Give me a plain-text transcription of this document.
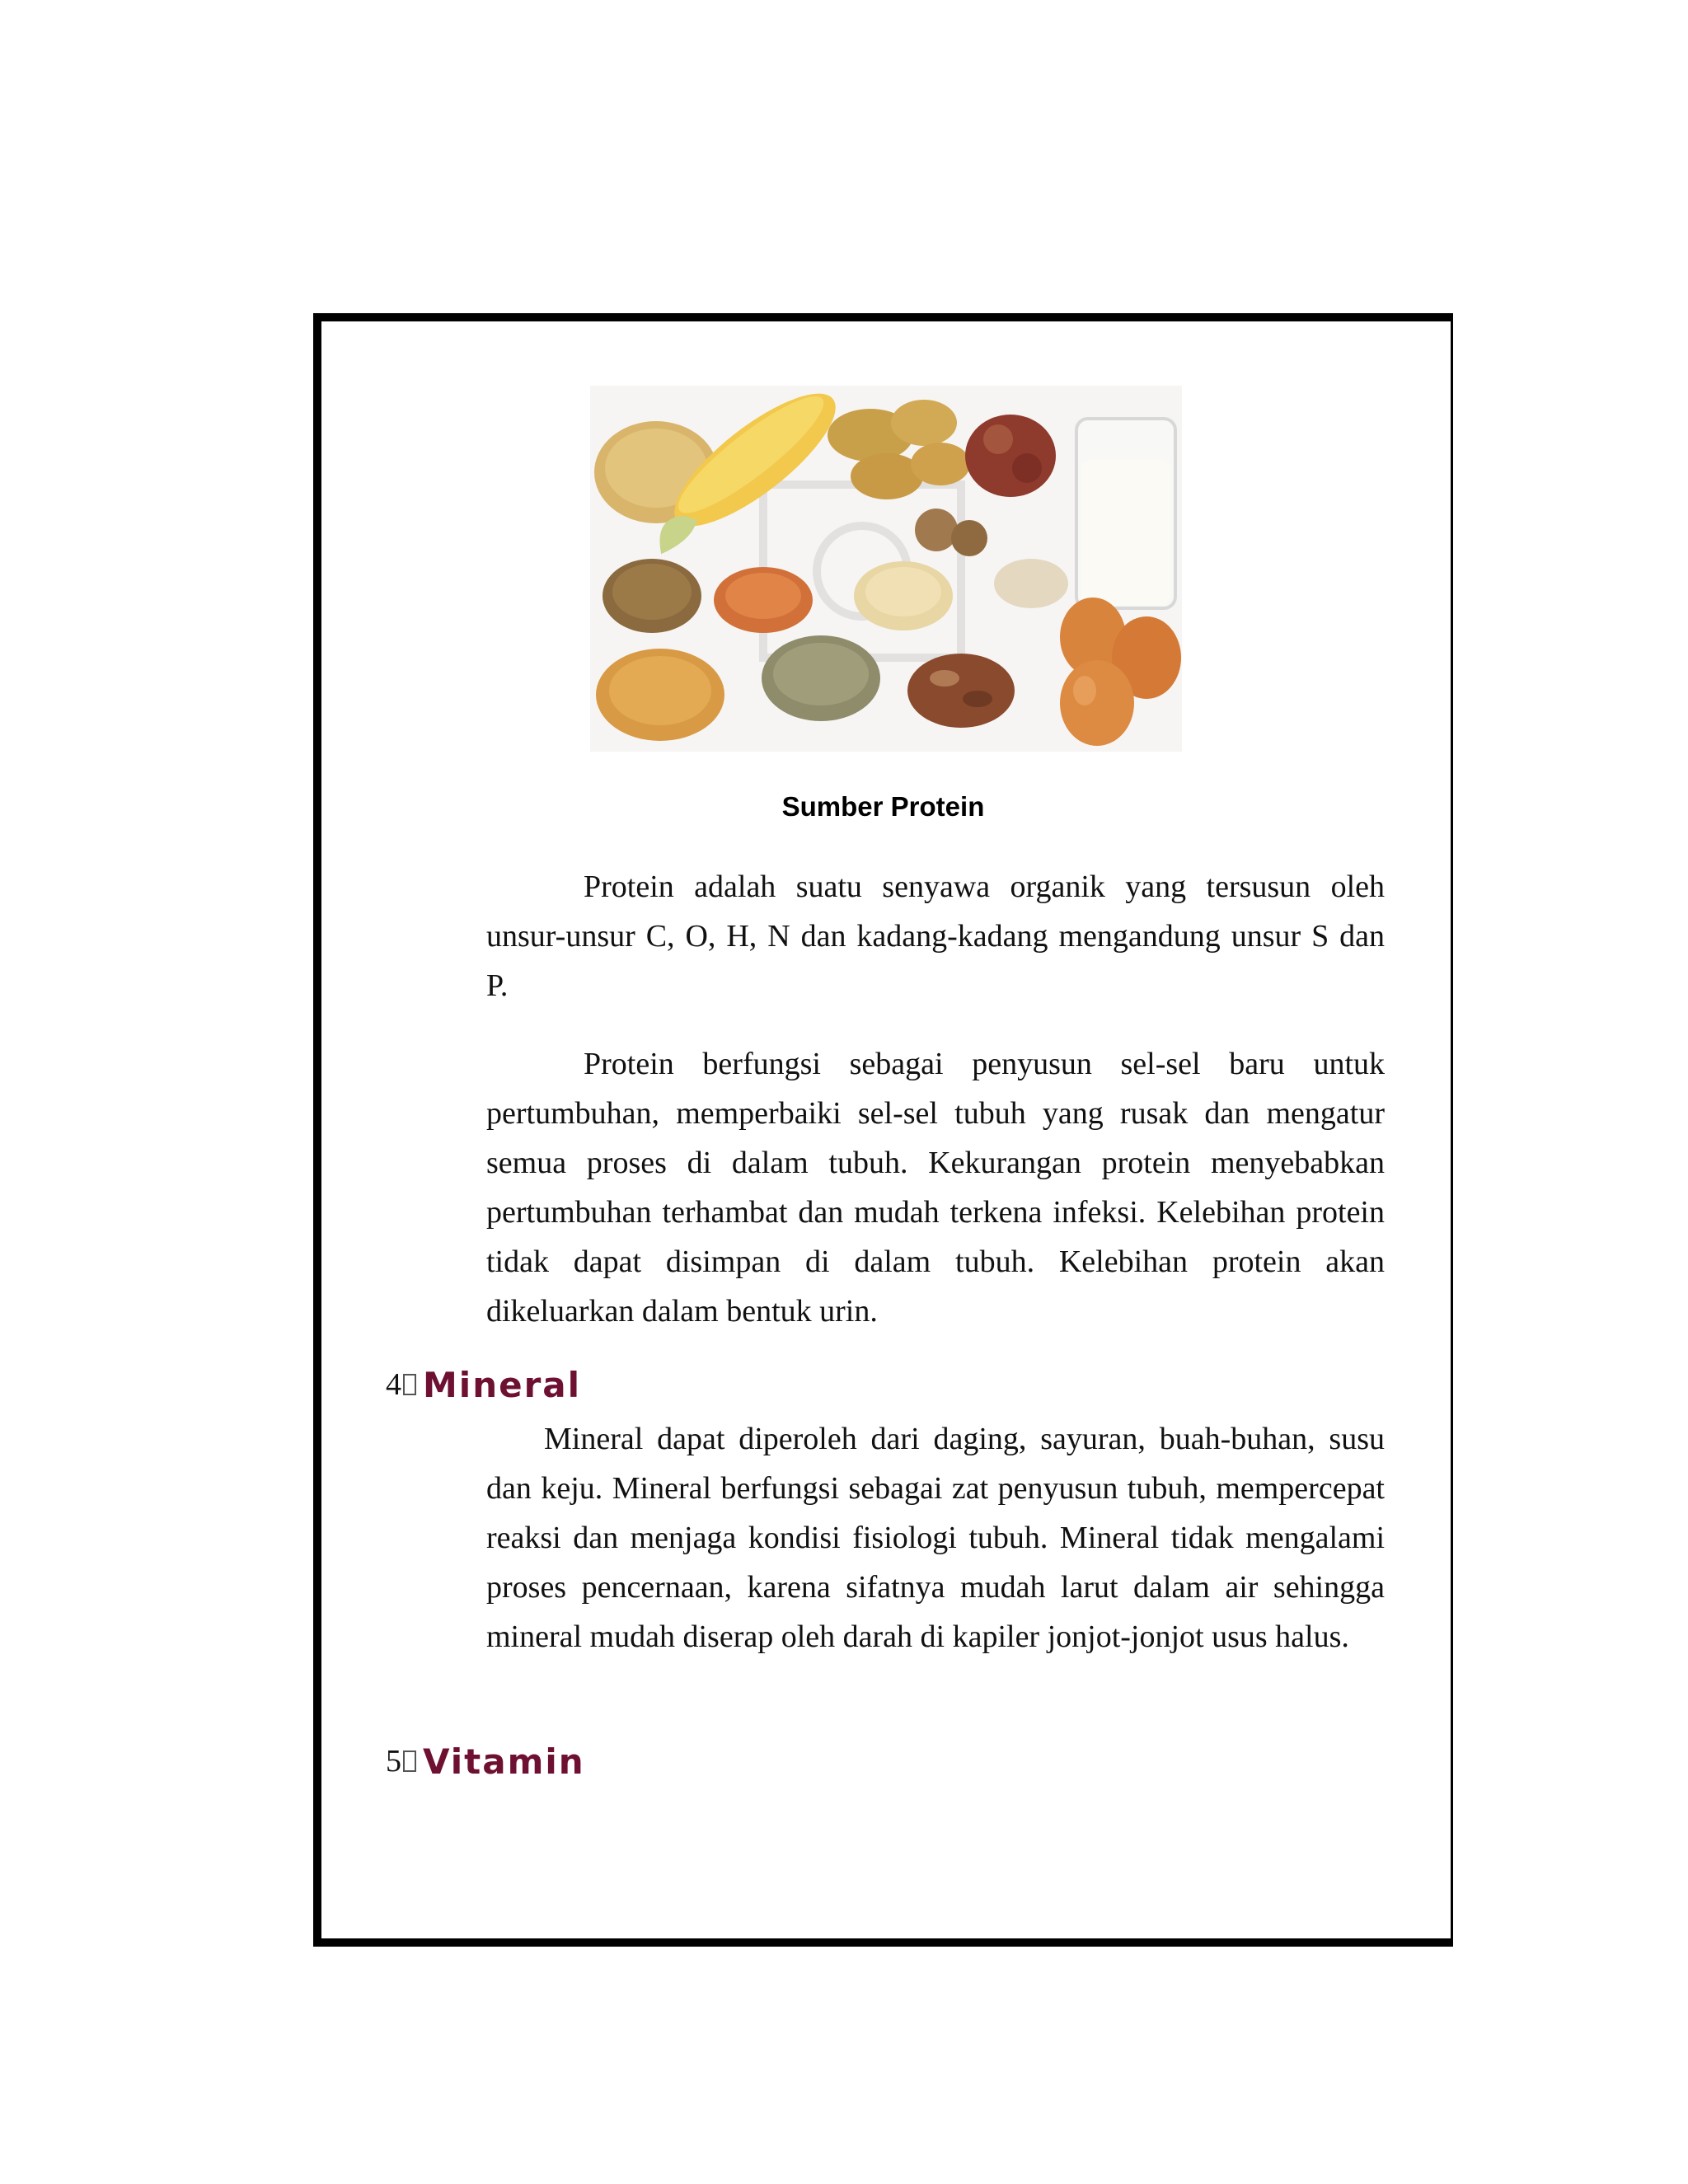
Sumber Protein

Protein adalah suatu senyawa organik yang tersusun oleh unsur-unsur C, O, H, N dan kadang-kadang mengandung unsur S dan P.

Protein berfungsi sebagai penyusun sel-sel baru untuk pertumbuhan, memperbaiki sel-sel tubuh yang rusak dan mengatur semua proses di dalam tubuh. Kekurangan protein menyebabkan pertumbuhan terhambat dan mudah terkena infeksi. Kelebihan protein tidak dapat disimpan di dalam tubuh. Kelebihan protein akan dikeluarkan dalam bentuk urin.

4 Mineral

Mineral dapat diperoleh dari daging, sayuran, buah-buhan, susu dan keju. Mineral berfungsi sebagai zat penyusun tubuh, mempercepat reaksi dan menjaga kondisi fisiologi tubuh. Mineral tidak mengalami proses pencernaan, karena sifatnya mudah larut dalam air sehingga mineral mudah diserap oleh darah di kapiler jonjot-jonjot usus halus.

5 Vitamin
